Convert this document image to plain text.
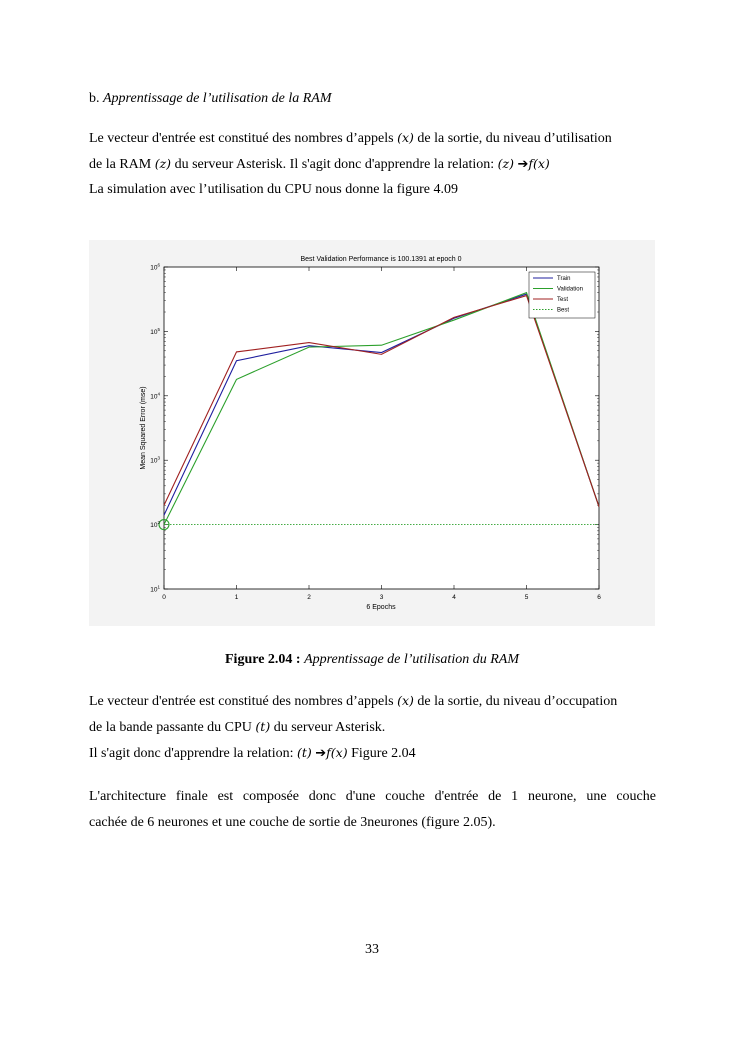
b. Apprentissage de l’utilisation de la RAM
Le vecteur d'entrée est constitué des nombres d’appels (x) de la sortie, du niveau d’utilisation
de la RAM (z) du serveur Asterisk. Il s'agit donc d'apprendre la relation: (z) ➔f(x)
La simulation avec l’utilisation du CPU nous donne la figure 4.09
0	1	2	3	4	5	6
$10^6$
$10^5$
$10^4$
$10^3$
$10^2$
$10^1$
Best Validation Performance is 100.1391 at epoch 0
6 Epochs
Mean Squared Error (mse)
Train
Validation
Test
Best
Figure 2.04 : Apprentissage de l’utilisation du RAM
Le vecteur d'entrée est constitué des nombres d’appels (x) de la sortie, du niveau d’occupation
de la bande passante du CPU (t) du serveur Asterisk.
Il s'agit donc d'apprendre la relation: (t) ➔f(x) Figure 2.04
L'architecture finale est composée donc d'une couche d'entrée de 1 neurone, une couche
cachée de 6 neurones et une couche de sortie de 3neurones (figure 2.05).
33
